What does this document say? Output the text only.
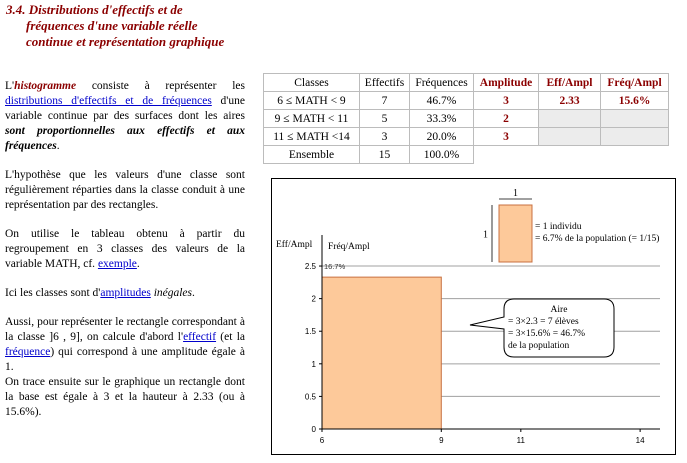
3.4. Distributions d'effectifs et de
fréquences d'une variable réelle
continue et représentation graphique

L'histogramme consiste à représenter les distributions d'effectifs et de fréquences d'une variable continue par des surfaces dont les aires sont proportionnelles aux effectifs et aux fréquences.

L'hypothèse que les valeurs d'une classe sont régulièrement réparties dans la classe conduit à une représentation par des rectangles.

On utilise le tableau obtenu à partir du regroupement en 3 classes des valeurs de la variable MATH, cf. exemple.

Ici les classes sont d'amplitudes inégales.

Aussi, pour représenter le rectangle correspondant à la classe ]6 , 9], on calcule d'abord l'effectif (et la fréquence) qui correspond à une amplitude égale à 1.

On trace ensuite sur le graphique un rectangle dont la base est égale à 3 et la hauteur à 2.33 (ou à 15.6%).

Classes	Effectifs	Fréquences	Amplitude	Eff/Ampl	Fréq/Ampl
6 ≤ MATH < 9	7	46.7%	3	2.33	15.6%
9 ≤ MATH < 11	5	33.3%	2		
11 ≤ MATH <14	3	20.0%	3		
Ensemble	15	100.0%			
0
0.5
1
1.5
2
2.5 16.7%
6	9	11	14
Eff/Ampl Fréq/Ampl
1
1
= 1 individu
= 6.7% de la population (= 1/15)
Aire
= 3×2.3 = 7 élèves
= 3×15.6% = 46.7%
de la population
